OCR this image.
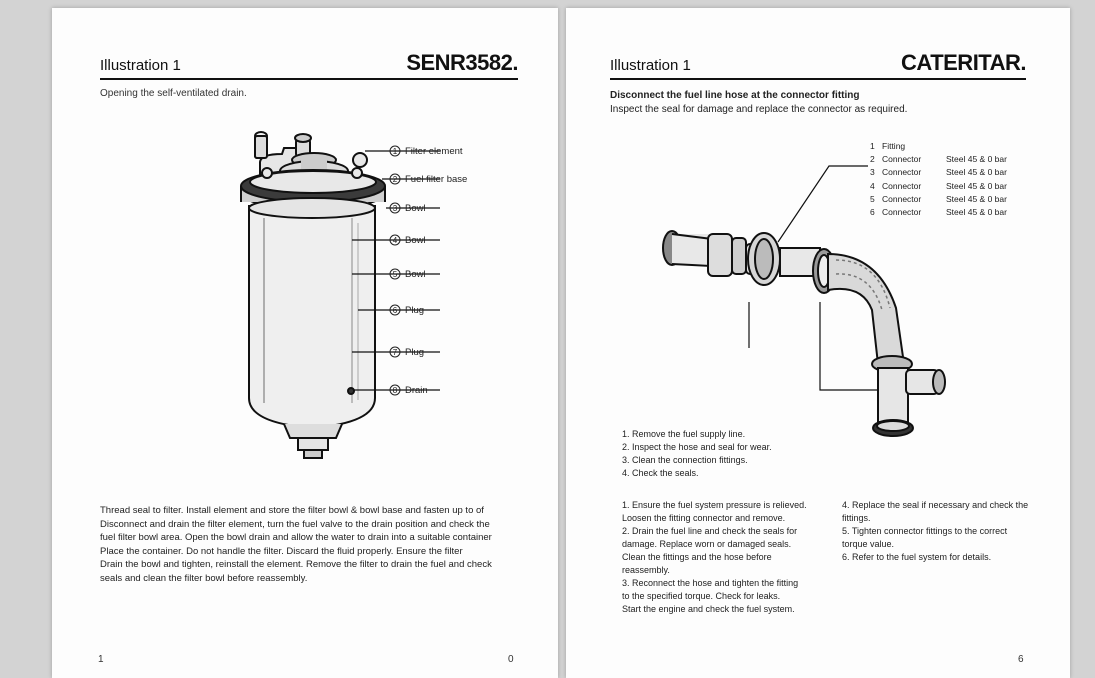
Illustration 1	SENR3582.
Opening the self-ventilated drain.
1 Filter element
2 Fuel filter base
3 Bowl
4 Bowl
5 Bowl
6 Plug
7 Plug
8 Drain
Thread seal to filter. Install element and store the filter bowl & bowl base and fasten up to of
Disconnect and drain the filter element, turn the fuel valve to the drain position and check the
fuel filter bowl area. Open the bowl drain and allow the water to drain into a suitable container
Place the container. Do not handle the filter. Discard the fluid properly. Ensure the filter
Drain the bowl and tighten, reinstall the element. Remove the filter to drain the fuel and check
seals and clean the filter bowl before reassembly.
1	0
Illustration 1	CATERITAR.
Disconnect the fuel line hose at the connector fitting
Inspect the seal for damage and replace the connector as required.
1 Fitting
2 Connector	Steel 45 & 0 bar
3 Connector	Steel 45 & 0 bar
4 Connector	Steel 45 & 0 bar
5 Connector	Steel 45 & 0 bar
6 Connector	Steel 45 & 0 bar
1. Remove the fuel supply line.
2. Inspect the hose and seal for wear.
3. Clean the connection fittings.
4. Check the seals.
1. Ensure the fuel system pressure is relieved.
Loosen the fitting connector and remove.
2. Drain the fuel line and check the seals for
damage. Replace worn or damaged seals.
Clean the fittings and the hose before
reassembly.
3. Reconnect the hose and tighten the fitting
to the specified torque. Check for leaks.
Start the engine and check the fuel system.
4. Replace the seal if necessary and check the
fittings.
5. Tighten connector fittings to the correct
torque value.
6. Refer to the fuel system for details.
6
